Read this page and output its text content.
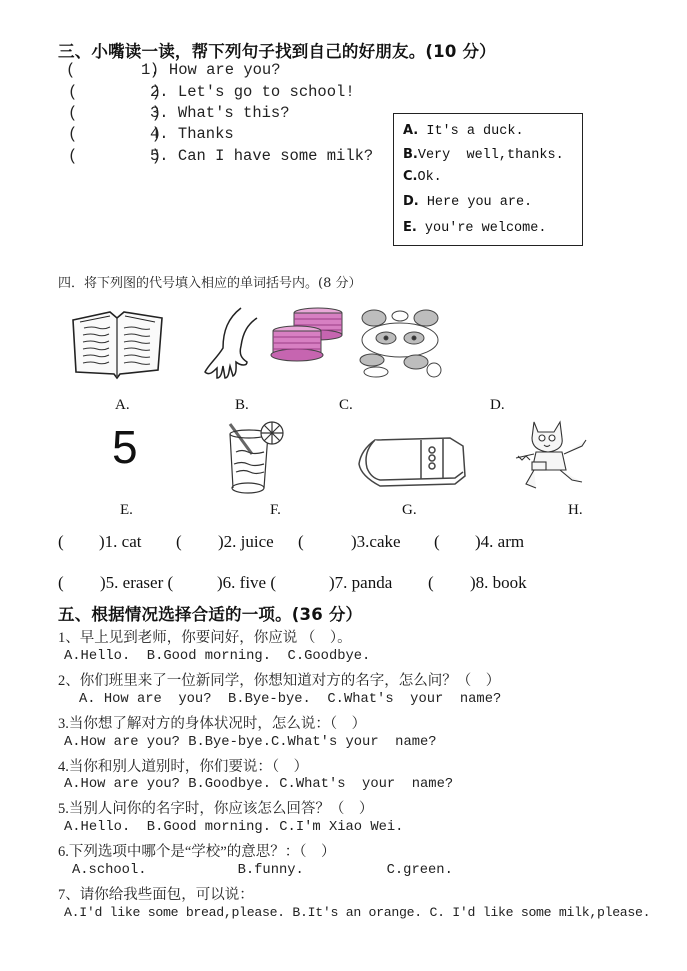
三、小嘴读一读，帮下列句子找到自己的好朋友。(10 分）
(        )
1. How are you?
(        )
2. Let's go to school!
(        )
3. What's this?
(        )
4. Thanks
(        )
5. Can I have some milk?
A. It's a duck.
B.Very  well,thanks.
C.Ok.
D. Here you are.
E. you're welcome.
四．将下列图的代号填入相应的单词括号内。(8 分）
A.	B.	C.	D.
5
E.	F.	G.	H.
( )1. cat ( )2. juice (	)3.cake ( )4. arm
( )5. eraser (	)6. five (	)7. panda ( )8. book
五、根据情况选择合适的一项。(36 分）
1、早上见到老师，你要问好，你应说 （    ）。
A.Hello.  B.Good morning.  C.Goodbye.
2、你们班里来了一位新同学，你想知道对方的名字，怎么问？（    ）
A. How are  you?  B.Bye-bye.  C.What's  your  name?
3.当你想了解对方的身体状况时，怎么说：（    ）
A.How are you? B.Bye-bye.C.What's your  name?
4.当你和别人道别时，你们要说：（    ）
A.How are you? B.Goodbye. C.What's  your  name?
5.当别人问你的名字时，你应该怎么回答？（    ）
A.Hello.  B.Good morning. C.I'm Xiao Wei.
6.下列选项中哪个是“学校”的意思？：（    ）
A.school.           B.funny.          C.green.
7、请你给我些面包，可以说：
A.I'd like some bread,please. B.It's an orange. C. I'd like some milk,please.
